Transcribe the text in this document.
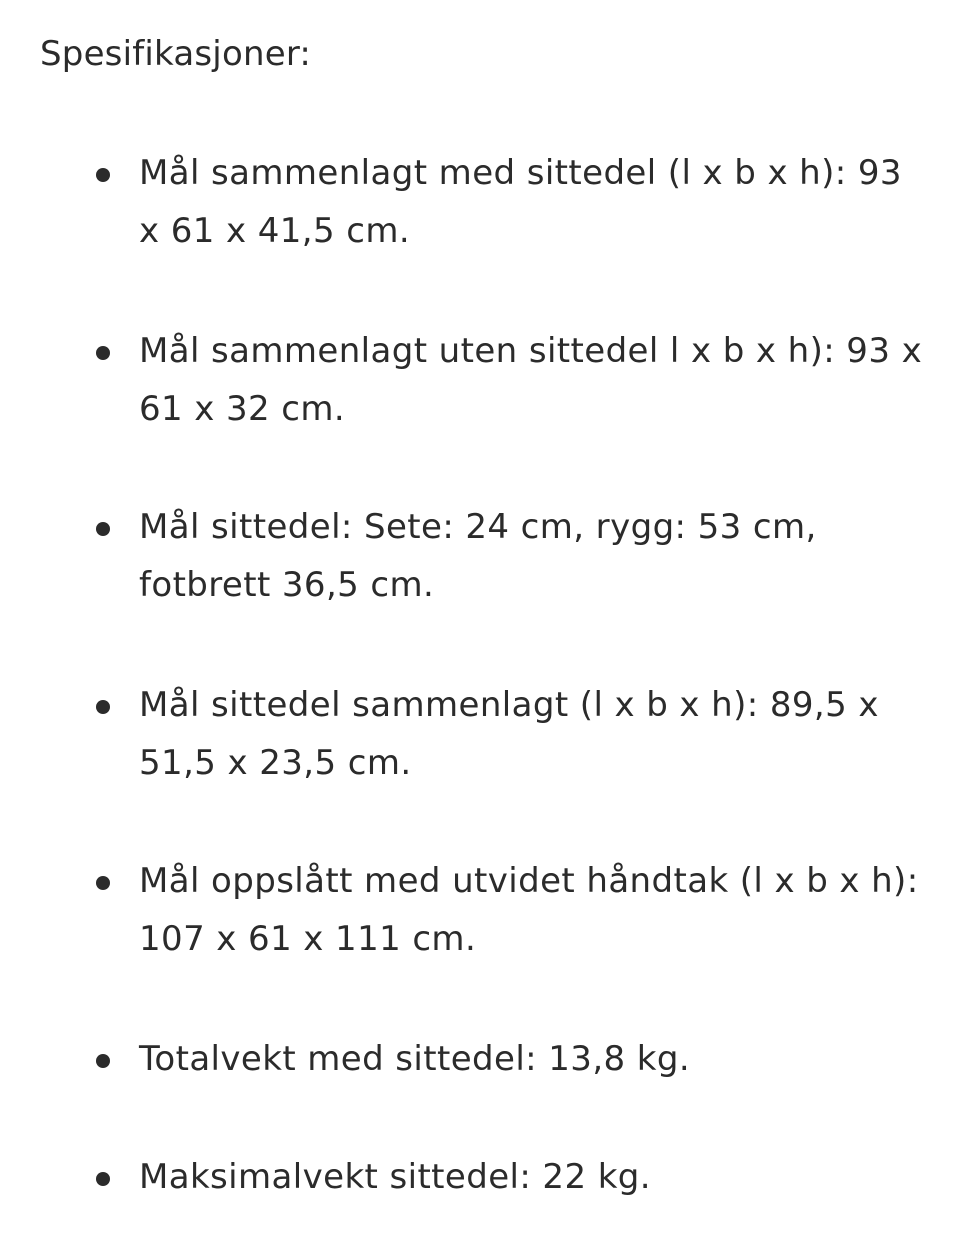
Spesifikasjoner:
Mål sammenlagt med sittedel (l x b x h): 93 x 61 x 41,5 cm.
Mål sammenlagt uten sittedel l x b x h): 93 x 61 x 32 cm.
Mål sittedel: Sete: 24 cm, rygg: 53 cm, fotbrett 36,5 cm.
Mål sittedel sammenlagt (l x b x h): 89,5 x 51,5 x 23,5 cm.
Mål oppslått med utvidet håndtak (l x b x h): 107 x 61 x 111 cm.
Totalvekt med sittedel: 13,8 kg.
Maksimalvekt sittedel: 22 kg.
